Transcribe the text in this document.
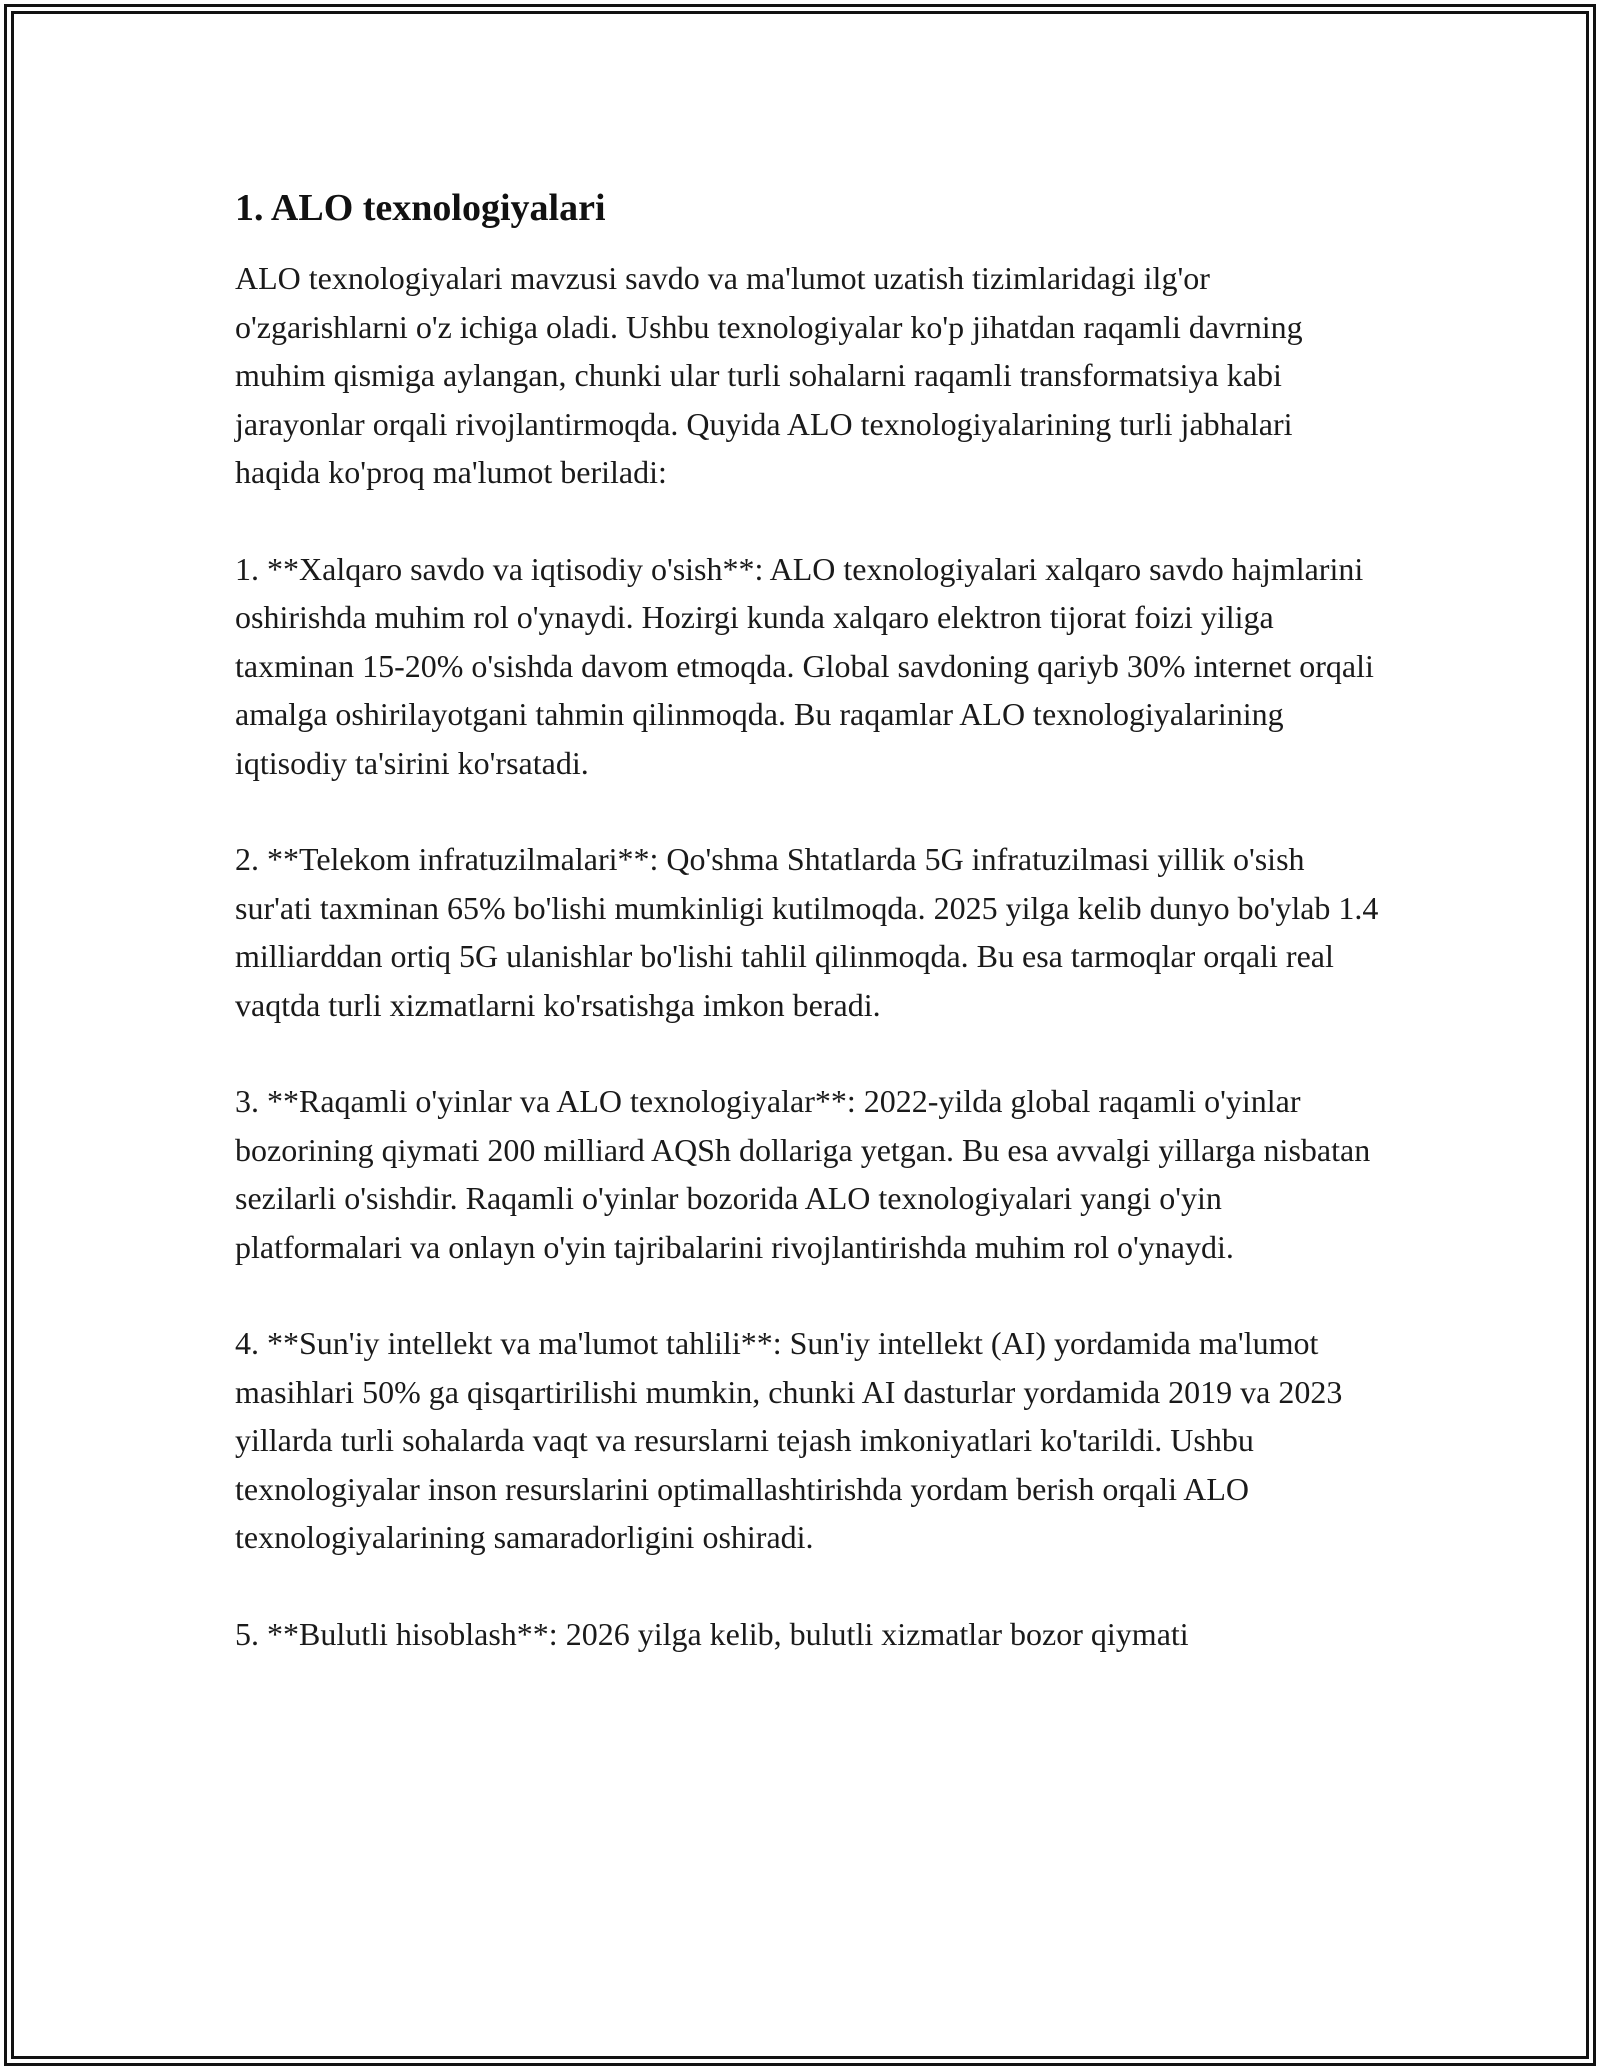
1. ALO texnologiyalari

ALO texnologiyalari mavzusi savdo va ma'lumot uzatish tizimlaridagi ilg'or o'zgarishlarni o'z ichiga oladi. Ushbu texnologiyalar ko'p jihatdan raqamli davrning muhim qismiga aylangan, chunki ular turli sohalarni raqamli transformatsiya kabi jarayonlar orqali rivojlantirmoqda. Quyida ALO texnologiyalarining turli jabhalari haqida ko'proq ma'lumot beriladi:

1. **Xalqaro savdo va iqtisodiy o'sish**: ALO texnologiyalari xalqaro savdo hajmlarini oshirishda muhim rol o'ynaydi. Hozirgi kunda xalqaro elektron tijorat foizi yiliga taxminan 15-20% o'sishda davom etmoqda. Global savdoning qariyb 30% internet orqali amalga oshirilayotgani tahmin qilinmoqda. Bu raqamlar ALO texnologiyalarining iqtisodiy ta'sirini ko'rsatadi.

2. **Telekom infratuzilmalari**: Qo'shma Shtatlarda 5G infratuzilmasi yillik o'sish sur'ati taxminan 65% bo'lishi mumkinligi kutilmoqda. 2025 yilga kelib dunyo bo'ylab 1.4 milliarddan ortiq 5G ulanishlar bo'lishi tahlil qilinmoqda. Bu esa tarmoqlar orqali real vaqtda turli xizmatlarni ko'rsatishga imkon beradi.

3. **Raqamli o'yinlar va ALO texnologiyalar**: 2022-yilda global raqamli o'yinlar bozorining qiymati 200 milliard AQSh dollariga yetgan. Bu esa avvalgi yillarga nisbatan sezilarli o'sishdir. Raqamli o'yinlar bozorida ALO texnologiyalari yangi o'yin platformalari va onlayn o'yin tajribalarini rivojlantirishda muhim rol o'ynaydi.

4. **Sun'iy intellekt va ma'lumot tahlili**: Sun'iy intellekt (AI) yordamida ma'lumot masihlari 50% ga qisqartirilishi mumkin, chunki AI dasturlar yordamida 2019 va 2023 yillarda turli sohalarda vaqt va resurslarni tejash imkoniyatlari ko'tarildi. Ushbu texnologiyalar inson resurslarini optimallashtirishda yordam berish orqali ALO texnologiyalarining samaradorligini oshiradi.

5. **Bulutli hisoblash**: 2026 yilga kelib, bulutli xizmatlar bozor qiymati
